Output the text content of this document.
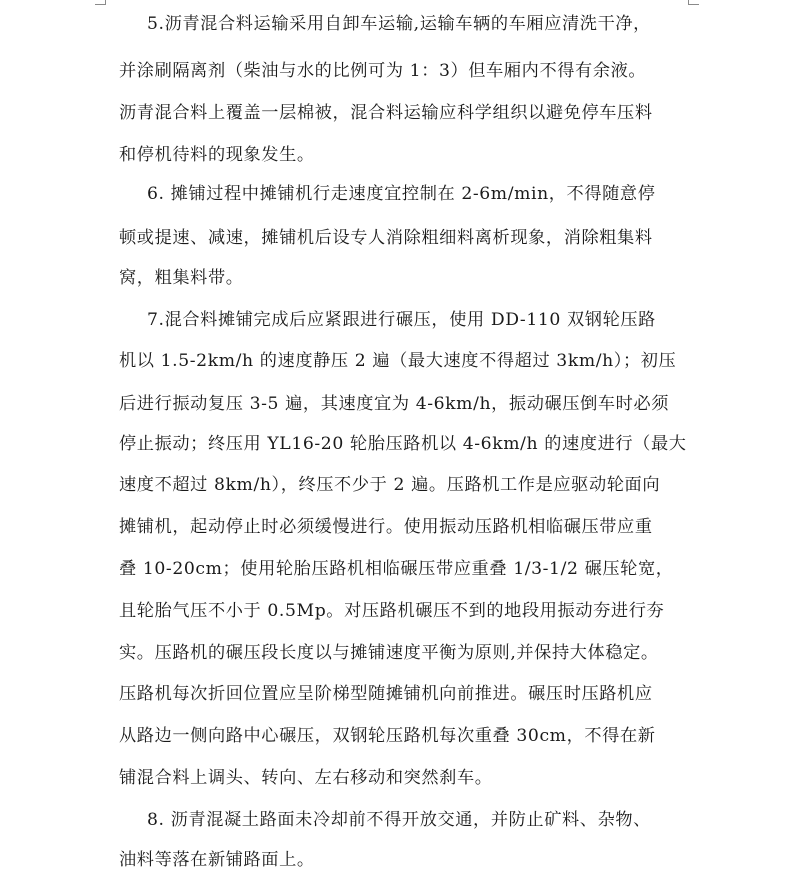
5.沥青混合料运输采用自卸车运输,运输车辆的车厢应清洗干净，
并涂刷隔离剂（柴油与水的比例可为 1：3）但车厢内不得有余液。
沥青混合料上覆盖一层棉被，混合料运输应科学组织以避免停车压料
和停机待料的现象发生。
6. 摊铺过程中摊铺机行走速度宜控制在 2-6m/min，不得随意停
顿或提速、减速，摊铺机后设专人消除粗细料离析现象，消除粗集料
窝，粗集料带。
7.混合料摊铺完成后应紧跟进行碾压，使用 DD-110 双钢轮压路
机以 1.5-2km/h 的速度静压 2 遍（最大速度不得超过 3km/h）；初压
后进行振动复压 3-5 遍，其速度宜为 4-6km/h，振动碾压倒车时必须
停止振动；终压用 YL16-20 轮胎压路机以 4-6km/h 的速度进行（最大
速度不超过 8km/h），终压不少于 2 遍。压路机工作是应驱动轮面向
摊铺机，起动停止时必须缓慢进行。使用振动压路机相临碾压带应重
叠 10-20cm；使用轮胎压路机相临碾压带应重叠 1/3-1/2 碾压轮宽，
且轮胎气压不小于 0.5Mp。对压路机碾压不到的地段用振动夯进行夯
实。压路机的碾压段长度以与摊铺速度平衡为原则,并保持大体稳定。
压路机每次折回位置应呈阶梯型随摊铺机向前推进。碾压时压路机应
从路边一侧向路中心碾压，双钢轮压路机每次重叠 30cm，不得在新
铺混合料上调头、转向、左右移动和突然刹车。
8. 沥青混凝土路面未冷却前不得开放交通，并防止矿料、杂物、
油料等落在新铺路面上。
